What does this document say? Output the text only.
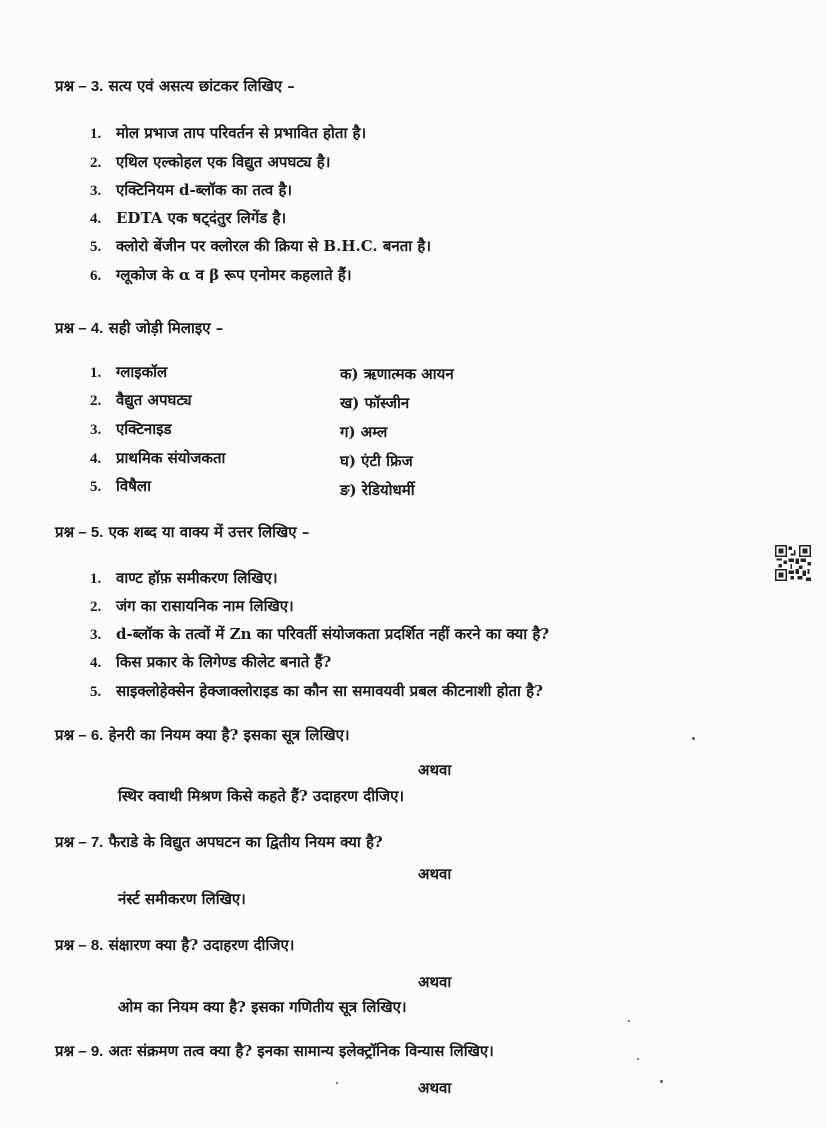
प्रश्न – 3. सत्य एवं असत्य छांटकर लिखिए –
1. मोल प्रभाज ताप परिवर्तन से प्रभावित होता है।
2. एथिल एल्कोहल एक विद्युत अपघट्य है।
3. एक्टिनियम d-ब्लॉक का तत्व है।
4. EDTA एक षट्दंतुर लिगेंड है।
5. क्लोरो बेंजीन पर क्लोरल की क्रिया से B.H.C. बनता है।
6. ग्लूकोज के α व β रूप एनोमर कहलाते हैं।
प्रश्न – 4. सही जोड़ी मिलाइए –
1. ग्लाइकॉल
2. वैद्युत अपघट्य
3. एक्टिनाइड
4. प्राथमिक संयोजकता
5. विषैला
क) ऋणात्मक आयन
ख) फॉस्जीन
ग) अम्ल
घ) एंटी फ्रिज
ङ) रेडियोधर्मी
प्रश्न – 5. एक शब्द या वाक्य में उत्तर लिखिए –
1. वाण्ट हॉफ़ समीकरण लिखिए।
2. जंग का रासायनिक नाम लिखिए।
3. d-ब्लॉक के तत्वों में Zn का परिवर्ती संयोजकता प्रदर्शित नहीं करने का क्या है?
4. किस प्रकार के लिगेण्ड कीलेट बनाते हैं?
5. साइक्लोहेक्सेन हेक्जाक्लोराइड का कौन सा समावयवी प्रबल कीटनाशी होता है?
प्रश्न – 6. हेनरी का नियम क्या है? इसका सूत्र लिखिए।
अथवा
स्थिर क्वाथी मिश्रण किसे कहते हैं? उदाहरण दीजिए।
प्रश्न – 7. फैराडे के विद्युत अपघटन का द्वितीय नियम क्या है?
अथवा
नंर्स्ट समीकरण लिखिए।
प्रश्न – 8. संक्षारण क्या है? उदाहरण दीजिए।
अथवा
ओम का नियम क्या है? इसका गणितीय सूत्र लिखिए।
प्रश्न – 9. अतः संक्रमण तत्व क्या है? इनका सामान्य इलेक्ट्रॉनिक विन्यास लिखिए।
अथवा
